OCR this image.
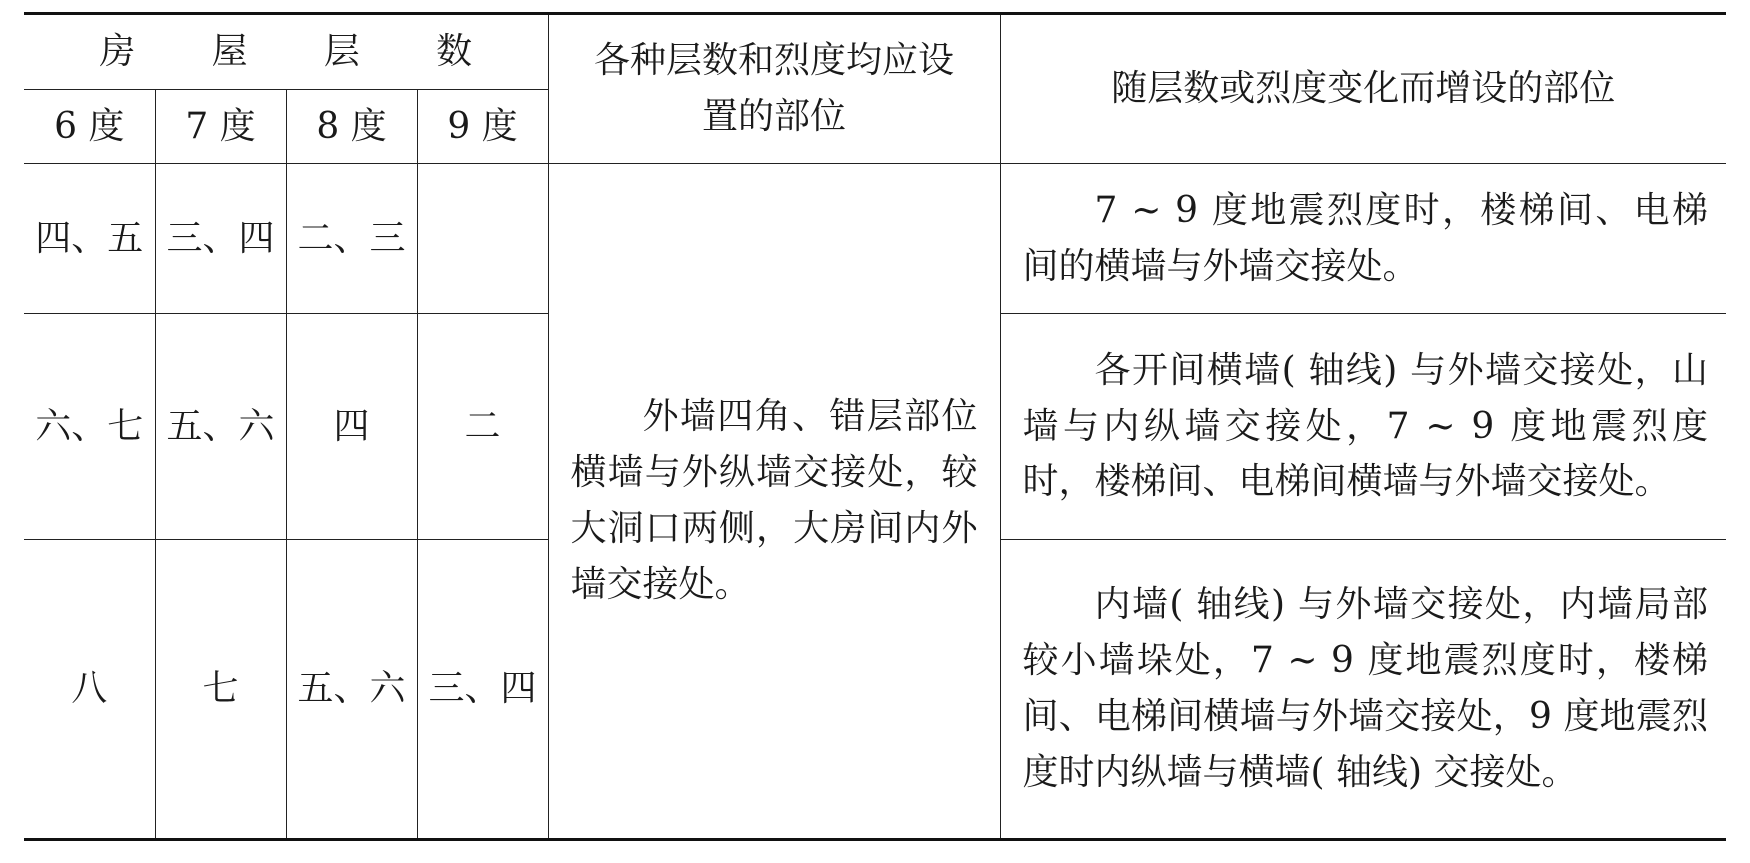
房 屋 层 数				各种层数和烈度均应设置的部位	随层数或烈度变化而增设的部位
6 度	7 度	8 度	9 度		
四、五	三、四	二、三		外墙四角、错层部位横墙与外纵墙交接处，较大洞口两侧，大房间内外墙交接处。	7 ~ 9 度地震烈度时，楼梯间、电梯间的横墙与外墙交接处。
六、七	五、六	四	二		各开间横墙( 轴线) 与外墙交接处，山墙与内纵墙交接处，7 ~ 9 度地震烈度时，楼梯间、电梯间横墙与外墙交接处。
八	七	五、六	三、四		内墙( 轴线) 与外墙交接处，内墙局部较小墙垛处，7 ~ 9 度地震烈度时，楼梯间、电梯间横墙与外墙交接处，9 度地震烈度时内纵墙与横墙( 轴线) 交接处。
